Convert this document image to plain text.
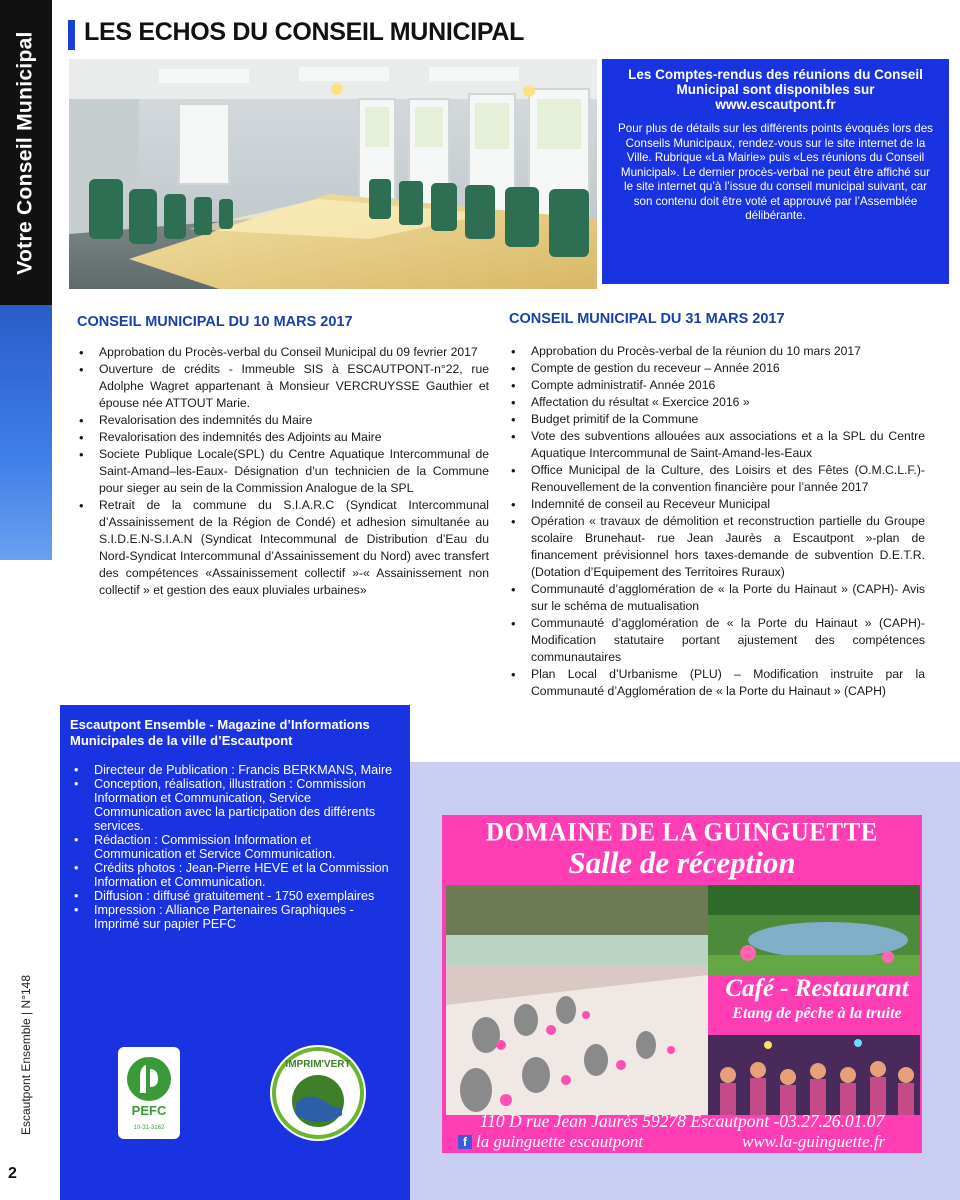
Votre Conseil Municipal
Escautpont Ensemble | N°148
2
LES ECHOS DU CONSEIL MUNICIPAL
Les Comptes-rendus des réunions du Conseil Municipal sont disponibles sur www.escautpont.fr

Pour plus de détails sur les différents points évoqués lors des Conseils Municipaux, rendez-vous sur le site internet de la Ville. Rubrique «La Mairie» puis «Les réunions du Conseil Municipal». Le dernier procès-verbal ne peut être affiché sur le site internet qu’à l’issue du conseil municipal suivant, car son contenu doit être voté et approuvé par l’Assemblée délibérante.

CONSEIL MUNICIPAL DU 10 MARS 2017
• Approbation du Procès-verbal du Conseil Municipal du 09 fevrier 2017
• Ouverture de crédits - Immeuble SIS à ESCAUTPONT-n°22, rue Adolphe Wagret appartenant à Monsieur VERCRUYSSE Gauthier et épouse née ATTOUT Marie.
• Revalorisation des indemnités du Maire
• Revalorisation des indemnités des Adjoints au Maire
• Societe Publique Locale(SPL) du Centre Aquatique Intercommunal de Saint-Amand–les-Eaux- Désignation d’un technicien de la Commune pour sieger au sein de la Commission Analogue de la SPL
• Retrait de la commune du S.I.A.R.C (Syndicat Intercommunal d’Assainissement de la Région de Condé) et adhesion simultanée au S.I.D.E.N-S.I.A.N (Syndicat Intecommunal de Distribution d’Eau du Nord-Syndicat Intercommunal d’Assainissement du Nord) avec transfert des compétences «Assainissement collectif »-« Assainissement non collectif » et gestion des eaux pluviales urbaines»
CONSEIL MUNICIPAL DU 31 MARS 2017
• Approbation du Procès-verbal de la réunion du 10 mars 2017
• Compte de gestion du receveur – Année 2016
• Compte administratif- Année 2016
• Affectation du résultat « Exercice 2016 »
• Budget primitif de la Commune
• Vote des subventions allouées aux associations et a la SPL du Centre Aquatique Intercommunal de Saint-Amand-les-Eaux
• Office Municipal de la Culture, des Loisirs et des Fêtes (O.M.C.L.F.)- Renouvellement de la convention financière pour l’année 2017
• Indemnité de conseil au Receveur Municipal
• Opération « travaux de démolition et reconstruction partielle du Groupe scolaire Brunehaut- rue Jean Jaurès a Escautpont »-plan de financement prévisionnel hors taxes-demande de subvention D.E.T.R. (Dotation d’Equipement des Territoires Ruraux)
• Communauté d’agglomération de « la Porte du Hainaut » (CAPH)- Avis sur le schéma de mutualisation
• Communauté d’agglomération de « la Porte du Hainaut » (CAPH)- Modification statutaire portant ajustement des compétences communautaires
• Plan Local d’Urbanisme (PLU) – Modification instruite par la Communauté d’Agglomération de « la Porte du Hainaut » (CAPH)
Escautpont Ensemble - Magazine d’Informations Municipales de la ville d’Escautpont
• Directeur de Publication : Francis BERKMANS, Maire
• Conception, réalisation, illustration : Commission Information et Communication, Service Communication avec la participation des différents services.
• Rédaction : Commission Information et Communication et Service Communication.
• Crédits photos : Jean-Pierre HEVE et la Commission Information et Communication.
• Diffusion : diffusé gratuitement - 1750 exemplaires
• Impression : Alliance Partenaires Graphiques - Imprimé sur papier PEFC
PEFC
10-31-3162
IMPRIM'VERT
DOMAINE DE LA GUINGUETTE
Salle de réception
Café - Restaurant
Etang de pêche à la truite
110 D rue Jean Jaurès 59278 Escautpont -03.27.26.01.07
f la guinguette escautpont	www.la-guinguette.fr
